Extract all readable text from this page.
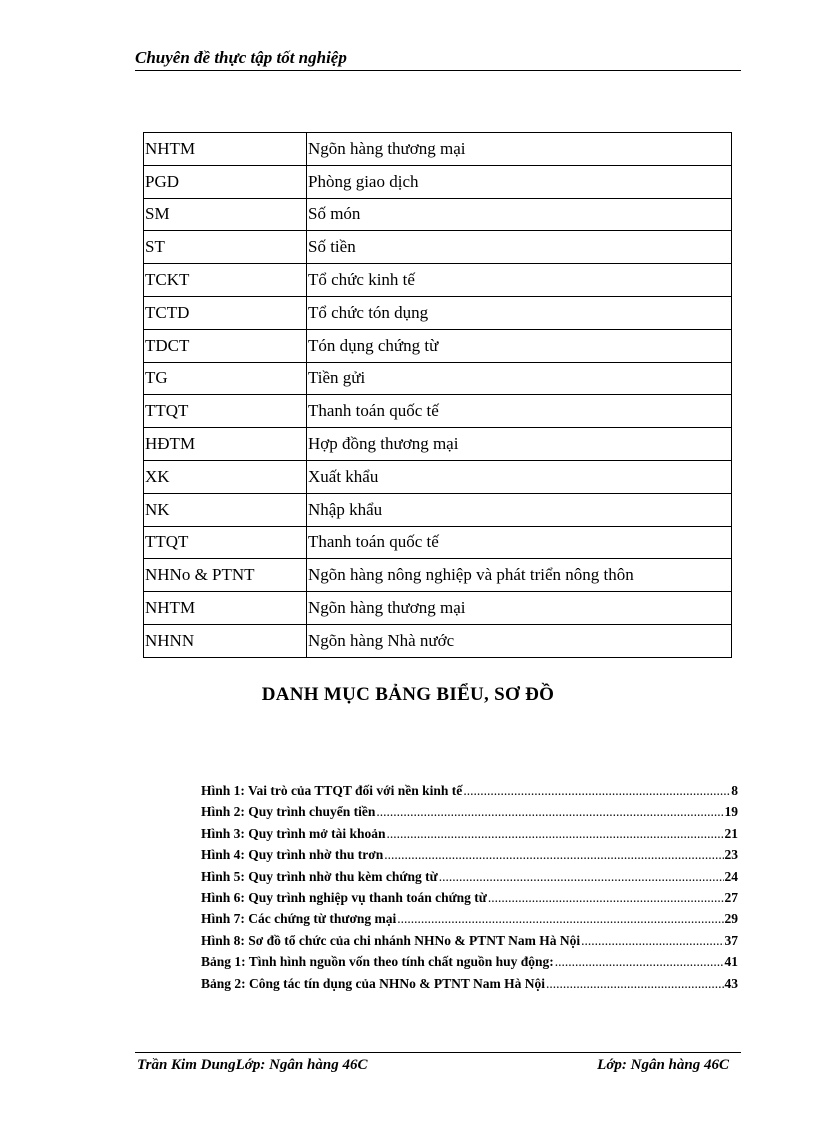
Chuyên đề thực tập tốt nghiệp
NHTM	Ngõn hàng thương mại
PGD	Phòng giao dịch
SM	Số món
ST	Số tiền
TCKT	Tổ chức kinh tế
TCTD	Tổ chức tón dụng
TDCT	Tón dụng chứng từ
TG	Tiền gửi
TTQT	Thanh toán quốc tế
HĐTM	Hợp đồng thương mại
XK	Xuất khẩu
NK	Nhập khẩu
TTQT	Thanh toán quốc tế
NHNo & PTNT	Ngõn hàng nông nghiệp và phát triển nông thôn
NHTM	Ngõn hàng thương mại
NHNN	Ngõn hàng Nhà nước
DANH MỤC BẢNG BIỂU, SƠ ĐỒ
Hình 1: Vai trò của TTQT đối với nền kinh tế .....	8
Hình 2: Quy trình chuyển tiền .....	19
Hình 3: Quy trình mở tài khoản .....	21
Hình 4: Quy trình nhờ thu trơn .....	23
Hình 5: Quy trình nhờ thu kèm chứng từ .....	24
Hình 6: Quy trình nghiệp vụ thanh toán chứng từ .....	27
Hình 7: Các chứng từ thương mại .....	29
Hình 8: Sơ đồ tổ chức của chi nhánh NHNo & PTNT Nam Hà Nội .....	37
Bảng 1: Tình hình nguồn vốn theo tính chất nguồn huy động: .....	41
Bảng 2: Công tác tín dụng của NHNo & PTNT Nam Hà Nội .....	43
Trần Kim DungLớp: Ngân hàng 46C	Lớp: Ngân hàng 46C
